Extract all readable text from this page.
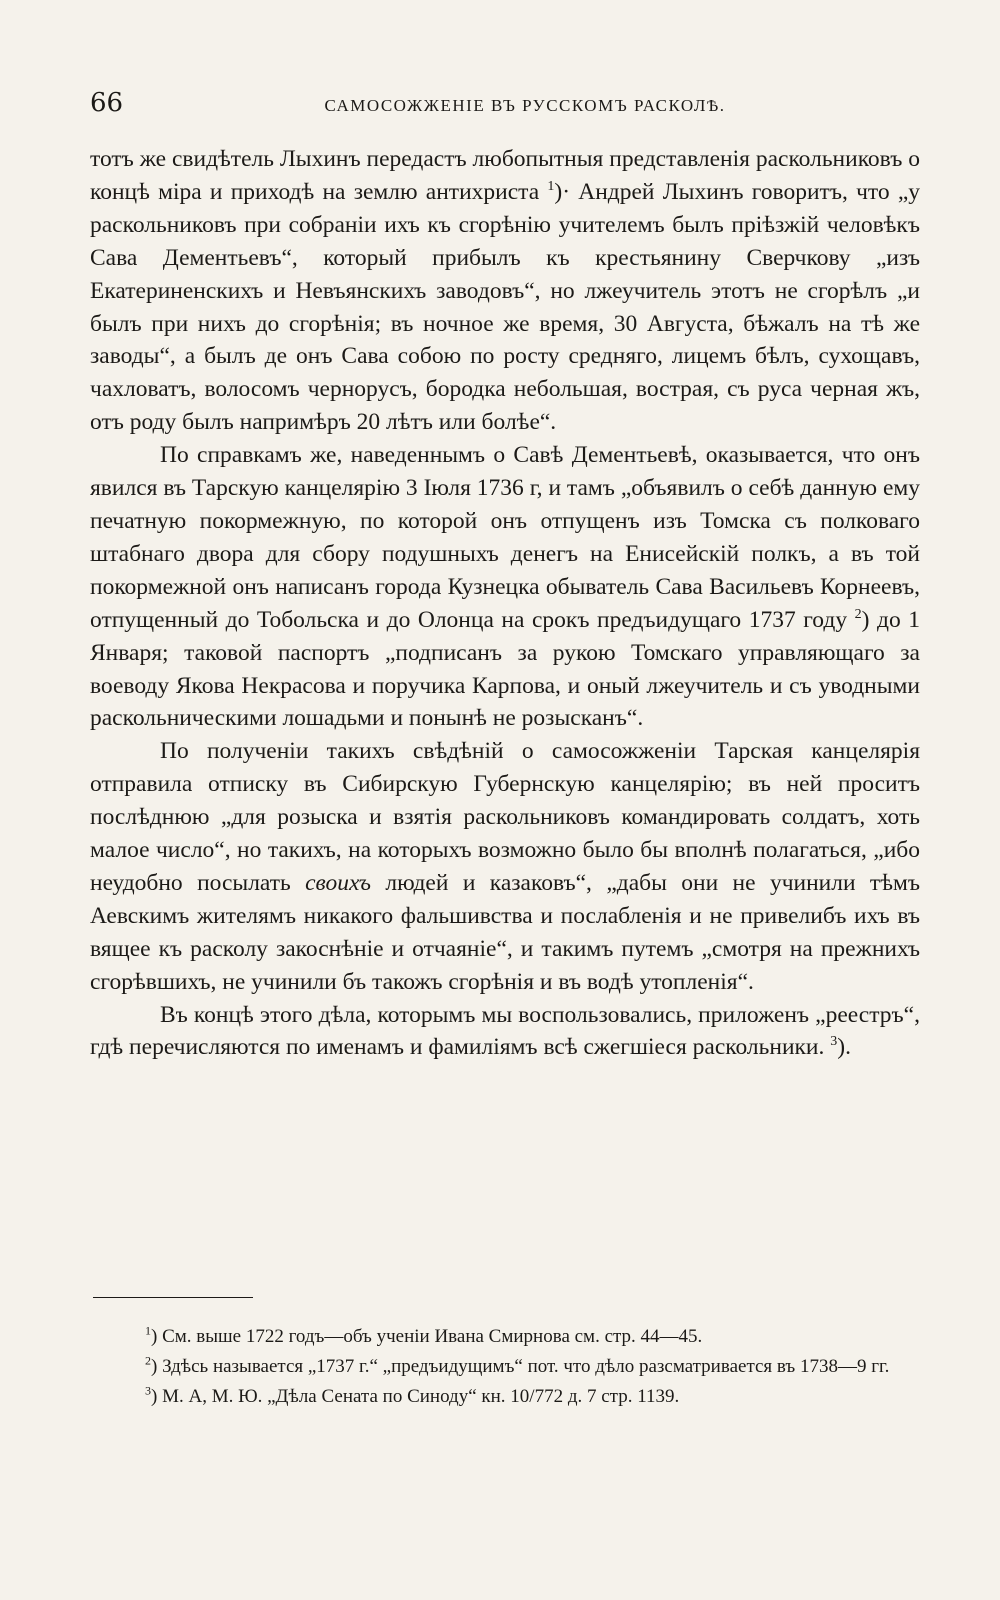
66	САМОСОЖЖЕНІЕ ВЪ РУССКОМЪ РАСКОЛѢ.

тотъ же свидѣтель Лыхинъ передастъ любопытныя представленія раскольниковъ о концѣ міра и приходѣ на землю антихриста $^1$)· Андрей Лыхинъ говоритъ, что „у раскольниковъ при собраніи ихъ къ сгорѣнію учителемъ былъ пріѣзжій человѣкъ Сава Дементьевъ“, который прибылъ къ крестьянину Сверчкову „изъ Екатериненскихъ и Невъянскихъ заводовъ“, но лжеучитель этотъ не сгорѣлъ „и былъ при нихъ до сгорѣнія; въ ночное же время, 30 Августа, бѣжалъ на тѣ же заводы“, а былъ де онъ Сава собою по росту средняго, лицемъ бѣлъ, сухощавъ, чахловатъ, волосомъ черноруcъ, бородка небольшая, вострая, съ руса черная жъ, отъ роду былъ напримѣръ 20 лѣтъ или болѣе“.

По справкамъ же, наведеннымъ о Савѣ Дементьевѣ, оказывается, что онъ явился въ Тарскую канцелярію 3 Іюля 1736 г, и тамъ „объявилъ о себѣ данную ему печатную покормежную, по которой онъ отпущенъ изъ Томска съ полковаго штабнаго двора для сбору подушныхъ денегъ на Енисейскій полкъ, а въ той покормежной онъ написанъ города Кузнецка обыватель Сава Васильевъ Корнеевъ, отпущенный до Тобольска и до Олонца на срокъ предъидущаго 1737 году $^2$) до 1 Января; таковой паспортъ „подписанъ за рукою Томскаго управляющаго за воеводу Якова Некрасова и поручика Карпова, и оный лжеучитель и съ уводными раскольническими лошадьми и понынѣ не розысканъ“.

По полученіи такихъ свѣдѣній о самосожженіи Тарская канцелярія отправила отписку въ Сибирскую Губернскую канцелярію; въ ней проситъ послѣднюю „для розыска и взятія раскольниковъ командировать солдатъ, хоть малое число“, но такихъ, на которыхъ возможно было бы вполнѣ полагаться, „ибо неудобно посылать своихъ людей и казаковъ“, „дабы они не учинили тѣмъ Аевскимъ жителямъ никакого фальшивства и послабленія и не привелибъ ихъ въ вящее къ расколу закоснѣніе и отчаяніе“, и такимъ путемъ „смотря на прежнихъ сгорѣвшихъ, не учинили бъ такожъ сгорѣнія и въ водѣ утопленія“.

Въ концѣ этого дѣла, которымъ мы воспользовались, приложенъ „реестръ“, гдѣ перечисляются по именамъ и фамиліямъ всѣ сжегшіеся раскольники. $^3$).

$^1$) См. выше 1722 годъ—объ ученіи Ивана Смирнова см. стр. 44—45.

$^2$) Здѣсь называется „1737 г.“ „предъидущимъ“ пот. что дѣло разсматривается въ 1738—9 гг.

$^3$) М. А, М. Ю. „Дѣла Сената по Синоду“ кн. 10/772 д. 7 стр. 1139.
